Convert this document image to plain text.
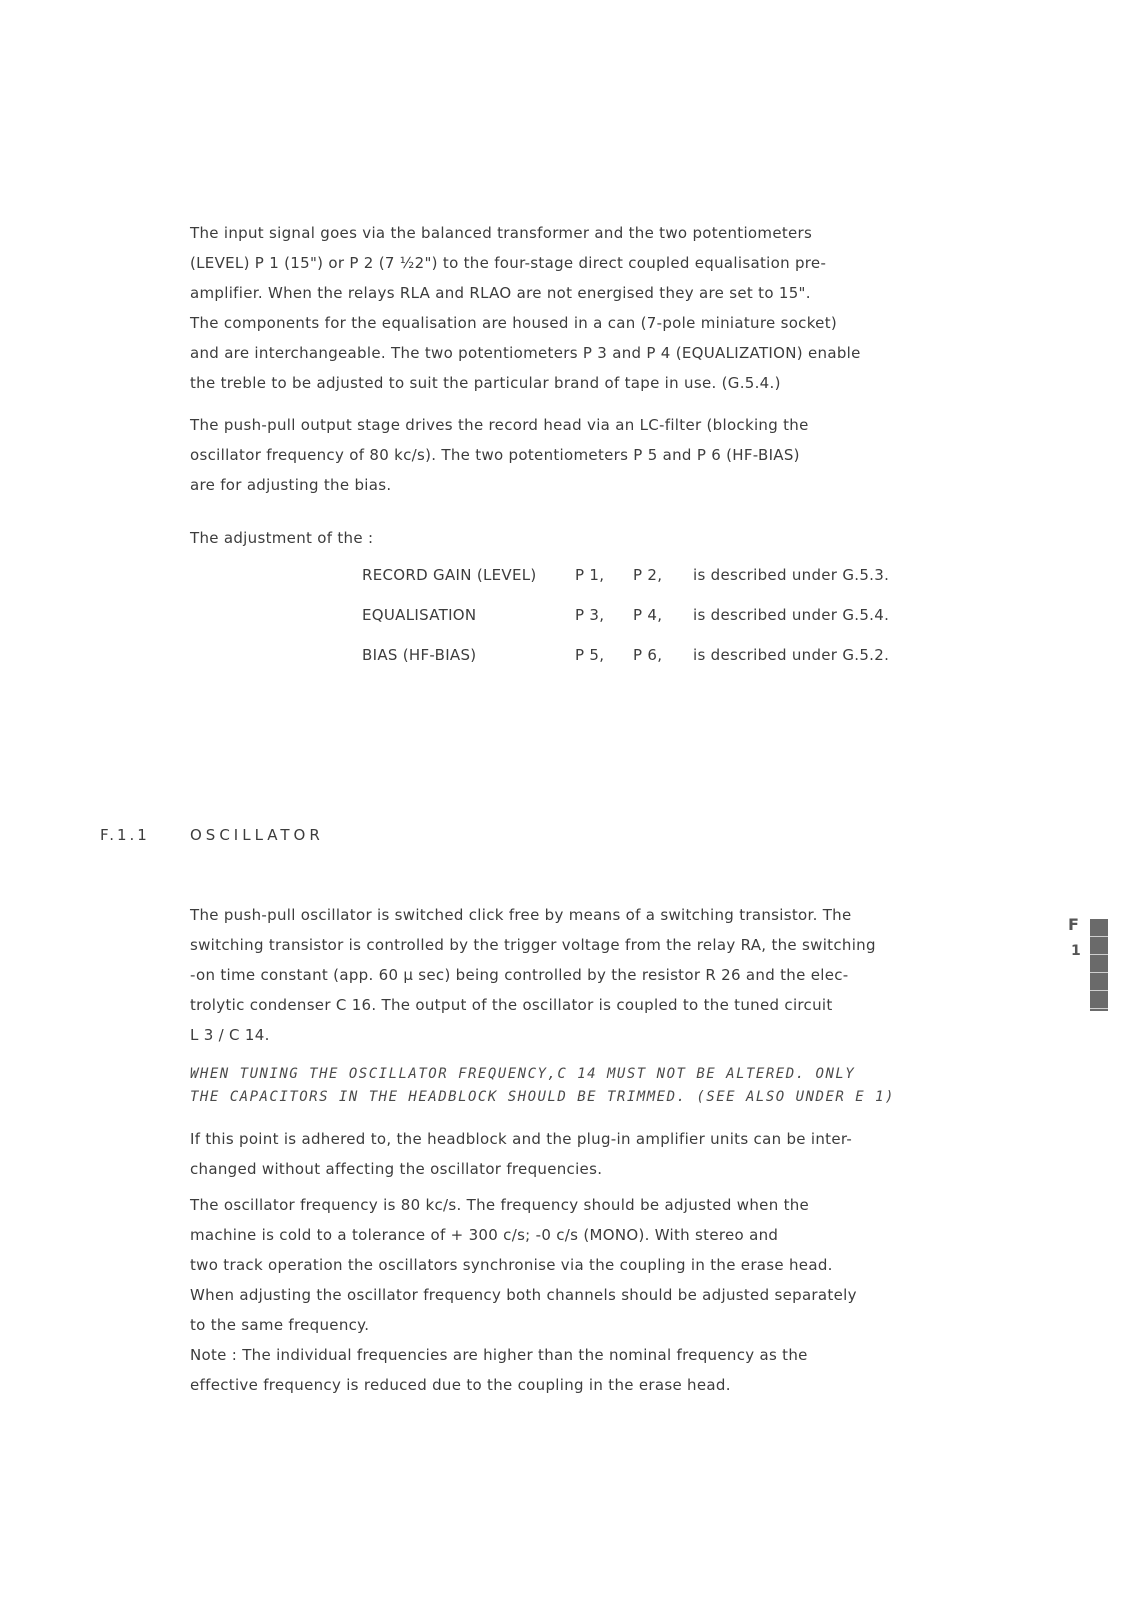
The input signal goes via the balanced transformer and the two potentiometers
(LEVEL) P 1 (15") or P 2 (7 ½2") to the four-stage direct coupled equalisation pre-
amplifier. When the relays RLA and RLAO are not energised they are set to 15".
The components for the equalisation are housed in a can (7-pole miniature socket)
and are interchangeable. The two potentiometers P 3 and P 4 (EQUALIZATION) enable
the treble to be adjusted to suit the particular brand of tape in use. (G.5.4.)
The push-pull output stage drives the record head via an LC-filter (blocking the
oscillator frequency of 80 kc/s). The two potentiometers P 5 and P 6 (HF-BIAS)
are for adjusting the bias.
The adjustment of the :
RECORD GAIN (LEVEL)	P 1, P 2, is described under G.5.3.
EQUALISATION	P 3, P 4, is described under G.5.4.
BIAS (HF-BIAS)	P 5, P 6, is described under G.5.2.
F.1.1	OSCILLATOR
The push-pull oscillator is switched click free by means of a switching transistor. The
switching transistor is controlled by the trigger voltage from the relay RA, the switching
-on time constant (app. 60 μ sec) being controlled by the resistor R 26 and the elec-
trolytic condenser C 16. The output of the oscillator is coupled to the tuned circuit
L 3 / C 14.
WHEN TUNING THE OSCILLATOR FREQUENCY,C 14 MUST NOT BE ALTERED. ONLY
THE CAPACITORS IN THE HEADBLOCK SHOULD BE TRIMMED. (SEE ALSO UNDER E 1)
If this point is adhered to, the headblock and the plug-in amplifier units can be inter-
changed without affecting the oscillator frequencies.
The oscillator frequency is 80 kc/s. The frequency should be adjusted when the
machine is cold to a tolerance of + 300 c/s; -0 c/s (MONO). With stereo and
two track operation the oscillators synchronise via the coupling in the erase head.
When adjusting the oscillator frequency both channels should be adjusted separately
to the same frequency.
Note : The individual frequencies are higher than the nominal frequency as the
effective frequency is reduced due to the coupling in the erase head.
F
1
